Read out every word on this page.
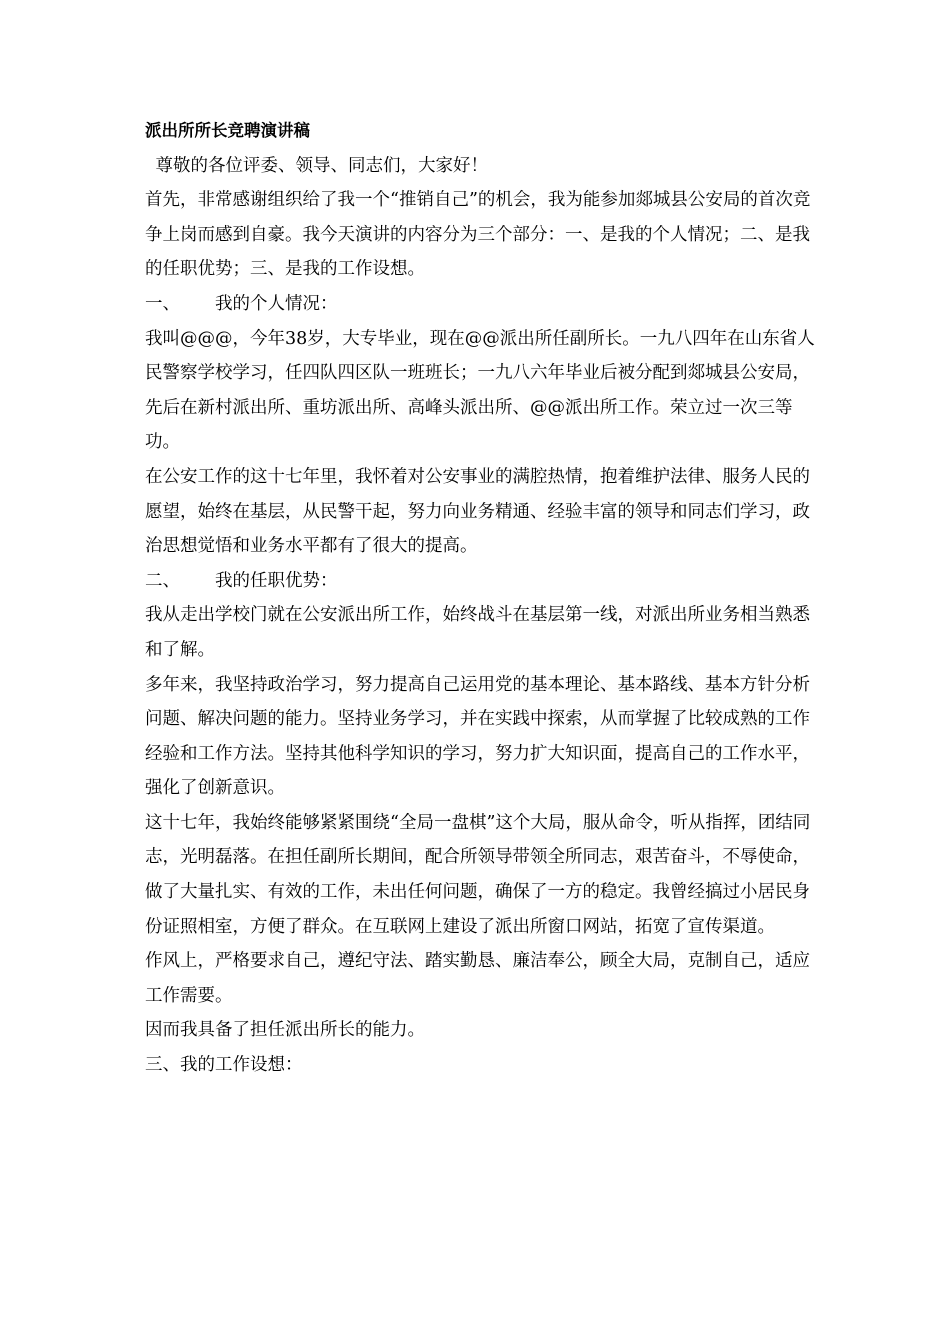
派出所所长竞聘演讲稿

尊敬的各位评委、领导、同志们，大家好！

首先，非常感谢组织给了我一个“推销自己”的机会，我为能参加郯城县公安局的首次竞争上岗而感到自豪。我今天演讲的内容分为三个部分：一、是我的个人情况；二、是我的任职优势；三、是我的工作设想。

一、 我的个人情况：

我叫@@@，今年38岁，大专毕业，现在@@派出所任副所长。一九八四年在山东省人民警察学校学习，任四队四区队一班班长；一九八六年毕业后被分配到郯城县公安局，先后在新村派出所、重坊派出所、高峰头派出所、@@派出所工作。荣立过一次三等功。

在公安工作的这十七年里，我怀着对公安事业的满腔热情，抱着维护法律、服务人民的愿望，始终在基层，从民警干起，努力向业务精通、经验丰富的领导和同志们学习，政治思想觉悟和业务水平都有了很大的提高。

二、 我的任职优势：

我从走出学校门就在公安派出所工作，始终战斗在基层第一线，对派出所业务相当熟悉和了解。

多年来，我坚持政治学习，努力提高自己运用党的基本理论、基本路线、基本方针分析问题、解决问题的能力。坚持业务学习，并在实践中探索，从而掌握了比较成熟的工作经验和工作方法。坚持其他科学知识的学习，努力扩大知识面，提高自己的工作水平，强化了创新意识。

这十七年，我始终能够紧紧围绕“全局一盘棋”这个大局，服从命令，听从指挥，团结同志，光明磊落。在担任副所长期间，配合所领导带领全所同志，艰苦奋斗，不辱使命，做了大量扎实、有效的工作，未出任何问题，确保了一方的稳定。我曾经搞过小居民身份证照相室，方便了群众。在互联网上建设了派出所窗口网站，拓宽了宣传渠道。

作风上，严格要求自己，遵纪守法、踏实勤恳、廉洁奉公，顾全大局，克制自己，适应工作需要。

因而我具备了担任派出所长的能力。

三、我的工作设想：
